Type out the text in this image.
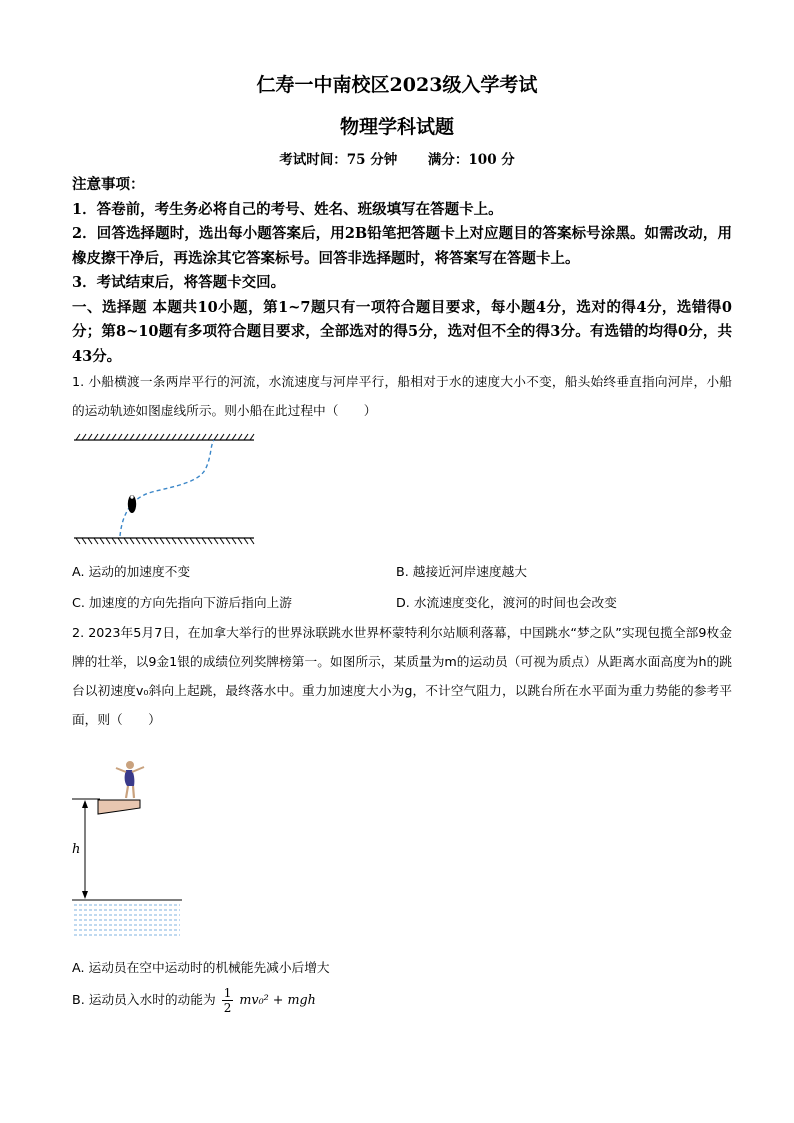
仁寿一中南校区2023级入学考试
物理学科试题
考试时间：75 分钟 满分：100 分

注意事项：

1．答卷前，考生务必将自己的考号、姓名、班级填写在答题卡上。

2．回答选择题时，选出每小题答案后，用2B铅笔把答题卡上对应题目的答案标号涂黑。如需改动，用橡皮擦干净后，再选涂其它答案标号。回答非选择题时，将答案写在答题卡上。

3．考试结束后，将答题卡交回。

一、选择题 本题共10小题，第1~7题只有一项符合题目要求，每小题4分，选对的得4分，选错得0分；第8~10题有多项符合题目要求，全部选对的得5分，选对但不全的得3分。有选错的均得0分，共43分。

1. 小船横渡一条两岸平行的河流，水流速度与河岸平行，船相对于水的速度大小不变，船头始终垂直指向河岸，小船的运动轨迹如图虚线所示。则小船在此过程中（　　）
A. 运动的加速度不变	B. 越接近河岸速度越大
C. 加速度的方向先指向下游后指向上游	D. 水流速度变化，渡河的时间也会改变
2. 2023年5月7日，在加拿大举行的世界泳联跳水世界杯蒙特利尔站顺利落幕，中国跳水“梦之队”实现包揽全部9枚金牌的壮举，以9金1银的成绩位列奖牌榜第一。如图所示，某质量为m的运动员（可视为质点）从距离水面高度为h的跳台以初速度v₀斜向上起跳，最终落水中。重力加速度大小为g，不计空气阻力，以跳台所在水平面为重力势能的参考平面，则（　　）
h
A. 运动员在空中运动时的机械能先减小后增大
B. 运动员入水时的动能为 $\frac{1}{2} mv_0^2$ + mgh
